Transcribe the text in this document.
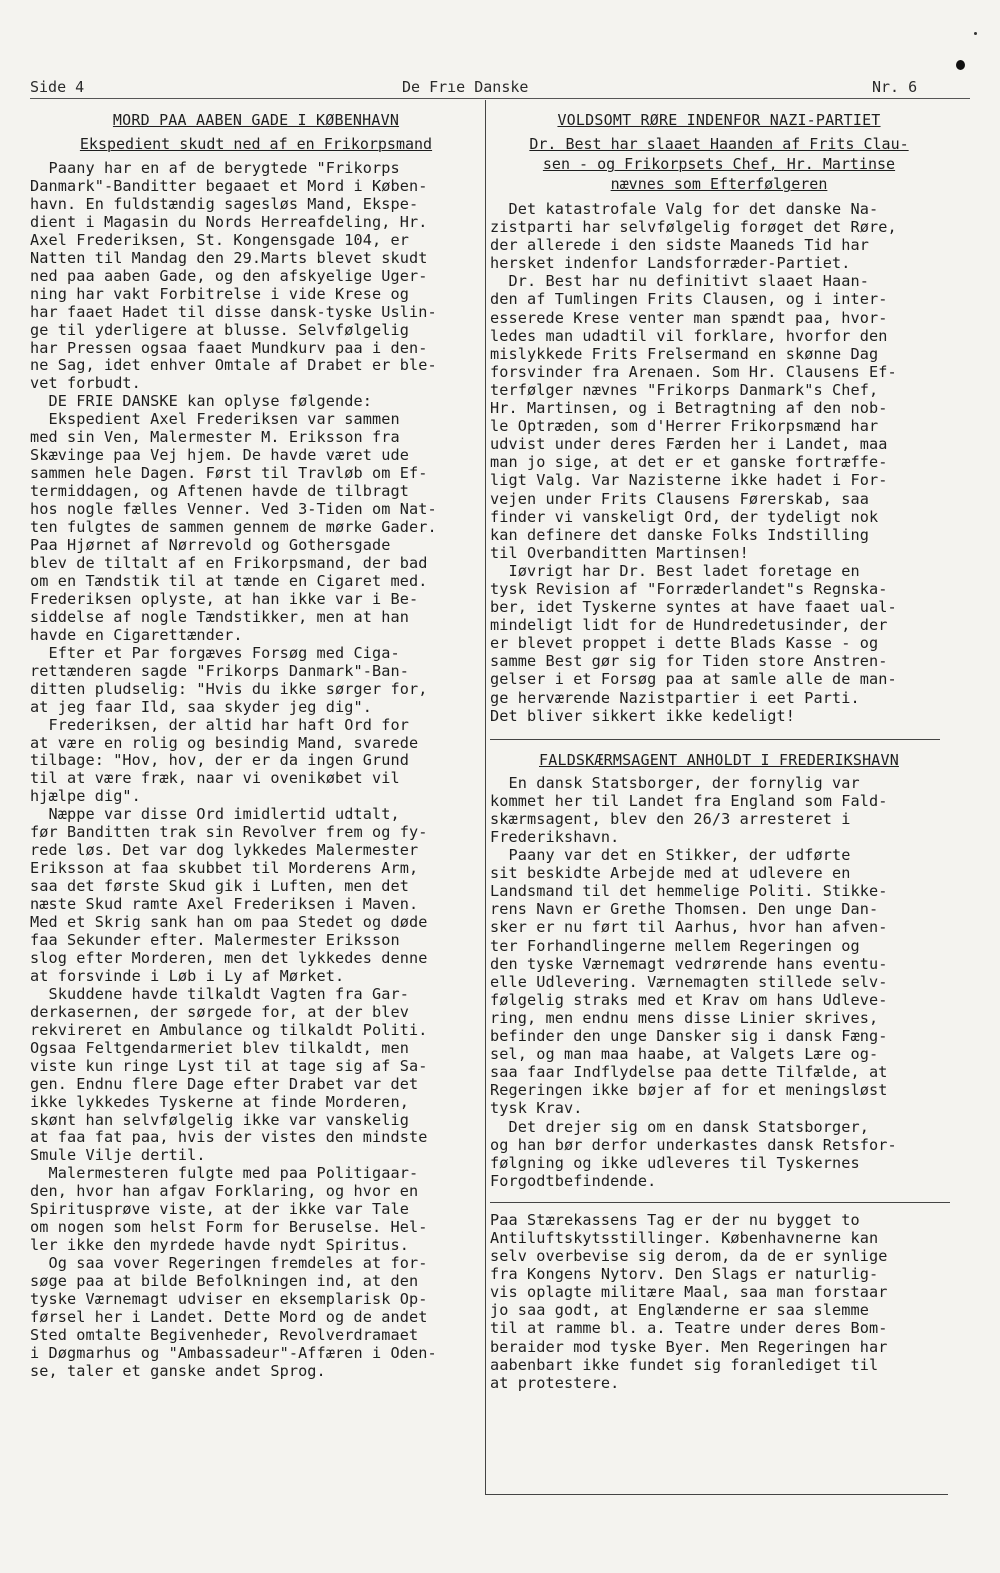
Side 4	De Frıe Danske	Nr. 6
MORD PAA AABEN GADE I KØBENHAVN
Ekspedient skudt ned af en Frikorpsmand
Paany har en af de berygtede "Frikorps
Danmark"-Banditter begaaet et Mord i Køben-
havn. En fuldstændig sagesløs Mand, Ekspe-
dient i Magasin du Nords Herreafdeling, Hr.
Axel Frederiksen, St. Kongensgade 104, er
Natten til Mandag den 29.Marts blevet skudt
ned paa aaben Gade, og den afskyelige Uger-
ning har vakt Forbitrelse i vide Krese og
har faaet Hadet til disse dansk-tyske Uslin-
ge til yderligere at blusse. Selvfølgelig
har Pressen ogsaa faaet Mundkurv paa i den-
ne Sag, idet enhver Omtale af Drabet er ble-
vet forbudt.
DE FRIE DANSKE kan oplyse følgende:
Ekspedient Axel Frederiksen var sammen
med sin Ven, Malermester M. Eriksson fra
Skævinge paa Vej hjem. De havde været ude
sammen hele Dagen. Først til Travløb om Ef-
termiddagen, og Aftenen havde de tilbragt
hos nogle fælles Venner. Ved 3-Tiden om Nat-
ten fulgtes de sammen gennem de mørke Gader.
Paa Hjørnet af Nørrevold og Gothersgade
blev de tiltalt af en Frikorpsmand, der bad
om en Tændstik til at tænde en Cigaret med.
Frederiksen oplyste, at han ikke var i Be-
siddelse af nogle Tændstikker, men at han
havde en Cigarettænder.
Efter et Par forgæves Forsøg med Ciga-
rettænderen sagde "Frikorps Danmark"-Ban-
ditten pludselig: "Hvis du ikke sørger for,
at jeg faar Ild, saa skyder jeg dig".
Frederiksen, der altid har haft Ord for
at være en rolig og besindig Mand, svarede
tilbage: "Hov, hov, der er da ingen Grund
til at være fræk, naar vi ovenikøbet vil
hjælpe dig".
Næppe var disse Ord imidlertid udtalt,
før Banditten trak sin Revolver frem og fy-
rede løs. Det var dog lykkedes Malermester
Eriksson at faa skubbet til Morderens Arm,
saa det første Skud gik i Luften, men det
næste Skud ramte Axel Frederiksen i Maven.
Med et Skrig sank han om paa Stedet og døde
faa Sekunder efter. Malermester Eriksson
slog efter Morderen, men det lykkedes denne
at forsvinde i Løb i Ly af Mørket.
Skuddene havde tilkaldt Vagten fra Gar-
derkasernen, der sørgede for, at der blev
rekvireret en Ambulance og tilkaldt Politi.
Ogsaa Feltgendarmeriet blev tilkaldt, men
viste kun ringe Lyst til at tage sig af Sa-
gen. Endnu flere Dage efter Drabet var det
ikke lykkedes Tyskerne at finde Morderen,
skønt han selvfølgelig ikke var vanskelig
at faa fat paa, hvis der vistes den mindste
Smule Vilje dertil.
Malermesteren fulgte med paa Politigaar-
den, hvor han afgav Forklaring, og hvor en
Spiritusprøve viste, at der ikke var Tale
om nogen som helst Form for Beruselse. Hel-
ler ikke den myrdede havde nydt Spiritus.
Og saa vover Regeringen fremdeles at for-
søge paa at bilde Befolkningen ind, at den
tyske Værnemagt udviser en eksemplarisk Op-
førsel her i Landet. Dette Mord og de andet
Sted omtalte Begivenheder, Revolverdramaet
i Døgmarhus og "Ambassadeur"-Affæren i Oden-
se, taler et ganske andet Sprog.
VOLDSOMT RØRE INDENFOR NAZI-PARTIET
Dr. Best har slaaet Haanden af Frits Clau-
sen - og Frikorpsets Chef, Hr. Martinse
nævnes som Efterfølgeren
Det katastrofale Valg for det danske Na-
zistparti har selvfølgelig forøget det Røre,
der allerede i den sidste Maaneds Tid har
hersket indenfor Landsforræder-Partiet.
Dr. Best har nu definitivt slaaet Haan-
den af Tumlingen Frits Clausen, og i inter-
esserede Krese venter man spændt paa, hvor-
ledes man udadtil vil forklare, hvorfor den
mislykkede Frits Frelsermand en skønne Dag
forsvinder fra Arenaen. Som Hr. Clausens Ef-
terfølger nævnes "Frikorps Danmark"s Chef,
Hr. Martinsen, og i Betragtning af den nob-
le Optræden, som d'Herrer Frikorpsmænd har
udvist under deres Færden her i Landet, maa
man jo sige, at det er et ganske fortræffe-
ligt Valg. Var Nazisterne ikke hadet i For-
vejen under Frits Clausens Førerskab, saa
finder vi vanskeligt Ord, der tydeligt nok
kan definere det danske Folks Indstilling
til Overbanditten Martinsen!
Iøvrigt har Dr. Best ladet foretage en
tysk Revision af "Forræderlandet"s Regnska-
ber, idet Tyskerne syntes at have faaet ual-
mindeligt lidt for de Hundredetusinder, der
er blevet proppet i dette Blads Kasse - og
samme Best gør sig for Tiden store Anstren-
gelser i et Forsøg paa at samle alle de man-
ge herværende Nazistpartier i eet Parti.
Det bliver sikkert ikke kedeligt!
FALDSKÆRMSAGENT ANHOLDT I FREDERIKSHAVN
En dansk Statsborger, der fornylig var
kommet her til Landet fra England som Fald-
skærmsagent, blev den 26/3 arresteret i
Frederikshavn.
Paany var det en Stikker, der udførte
sit beskidte Arbejde med at udlevere en
Landsmand til det hemmelige Politi. Stikke-
rens Navn er Grethe Thomsen. Den unge Dan-
sker er nu ført til Aarhus, hvor han afven-
ter Forhandlingerne mellem Regeringen og
den tyske Værnemagt vedrørende hans eventu-
elle Udlevering. Værnemagten stillede selv-
følgelig straks med et Krav om hans Udleve-
ring, men endnu mens disse Linier skrives,
befinder den unge Dansker sig i dansk Fæng-
sel, og man maa haabe, at Valgets Lære og-
saa faar Indflydelse paa dette Tilfælde, at
Regeringen ikke bøjer af for et meningsløst
tysk Krav.
Det drejer sig om en dansk Statsborger,
og han bør derfor underkastes dansk Retsfor-
følgning og ikke udleveres til Tyskernes
Forgodtbefindende.
Paa Stærekassens Tag er der nu bygget to
Antiluftskytsstillinger. Københavnerne kan
selv overbevise sig derom, da de er synlige
fra Kongens Nytorv. Den Slags er naturlig-
vis oplagte militære Maal, saa man forstaar
jo saa godt, at Englænderne er saa slemme
til at ramme bl. a. Teatre under deres Bom-
beraider mod tyske Byer. Men Regeringen har
aabenbart ikke fundet sig foranlediget til
at protestere.
